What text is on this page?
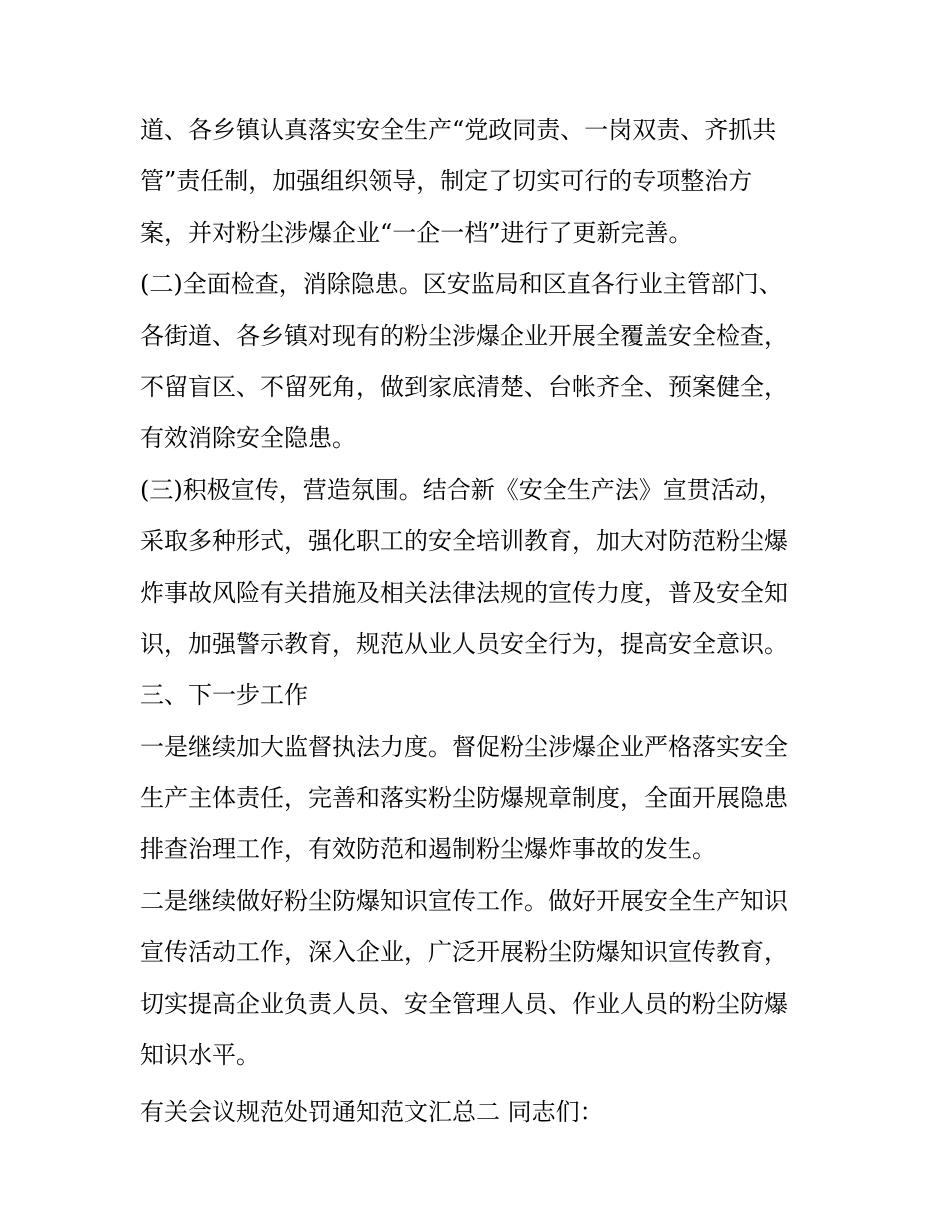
道、各乡镇认真落实安全生产“党政同责、一岗双责、齐抓共
管”责任制，加强组织领导，制定了切实可行的专项整治方
案，并对粉尘涉爆企业“一企一档”进行了更新完善。
(二)全面检查，消除隐患。区安监局和区直各行业主管部门、
各街道、各乡镇对现有的粉尘涉爆企业开展全覆盖安全检查，
不留盲区、不留死角，做到家底清楚、台帐齐全、预案健全，
有效消除安全隐患。
(三)积极宣传，营造氛围。结合新《安全生产法》宣贯活动，
采取多种形式，强化职工的安全培训教育，加大对防范粉尘爆
炸事故风险有关措施及相关法律法规的宣传力度，普及安全知
识，加强警示教育，规范从业人员安全行为，提高安全意识。
三、下一步工作
一是继续加大监督执法力度。督促粉尘涉爆企业严格落实安全
生产主体责任，完善和落实粉尘防爆规章制度，全面开展隐患
排查治理工作，有效防范和遏制粉尘爆炸事故的发生。
二是继续做好粉尘防爆知识宣传工作。做好开展安全生产知识
宣传活动工作，深入企业，广泛开展粉尘防爆知识宣传教育，
切实提高企业负责人员、安全管理人员、作业人员的粉尘防爆
知识水平。
有关会议规范处罚通知范文汇总二 同志们：
